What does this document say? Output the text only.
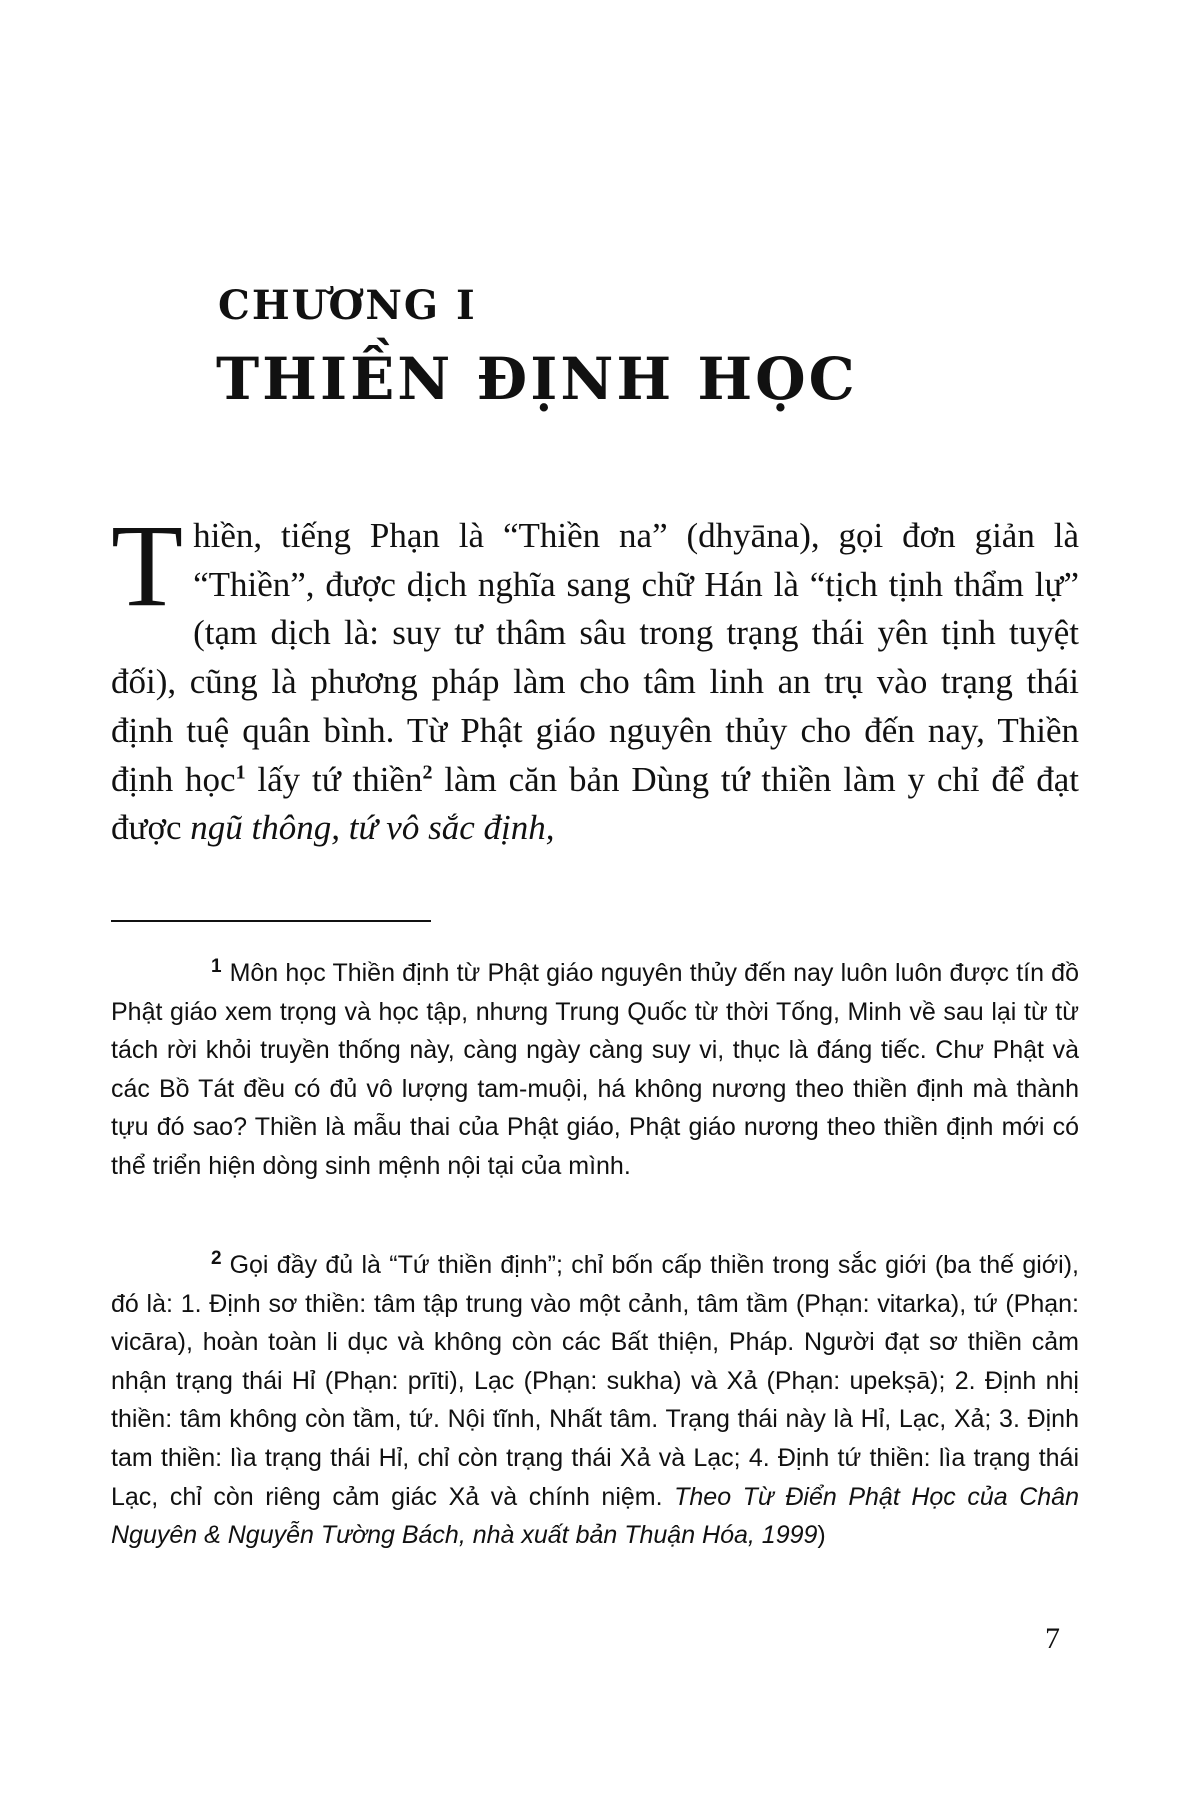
CHƯƠNG I
THIỀN ĐỊNH HỌC

Thiền, tiếng Phạn là “Thiền na” (dhyāna), gọi đơn giản là “Thiền”, được dịch nghĩa sang chữ Hán là “tịch tịnh thẩm lự” (tạm dịch là: suy tư thâm sâu trong trạng thái yên tịnh tuyệt đối), cũng là phương pháp làm cho tâm linh an trụ vào trạng thái định tuệ quân bình. Từ Phật giáo nguyên thủy cho đến nay, Thiền định học$^1$ lấy tứ thiền$^2$ làm căn bản Dùng tứ thiền làm y chỉ để đạt được ngũ thông, tứ vô sắc định,

$^1$ Môn học Thiền định từ Phật giáo nguyên thủy đến nay luôn luôn được tín đồ Phật giáo xem trọng và học tập, nhưng Trung Quốc từ thời Tống, Minh về sau lại từ từ tách rời khỏi truyền thống này, càng ngày càng suy vi, thục là đáng tiếc. Chư Phật và các Bồ Tát đều có đủ vô lượng tam-muội, há không nương theo thiền định mà thành tựu đó sao? Thiền là mẫu thai của Phật giáo, Phật giáo nương theo thiền định mới có thể triển hiện dòng sinh mệnh nội tại của mình.

$^2$ Gọi đầy đủ là “Tứ thiền định”; chỉ bốn cấp thiền trong sắc giới (ba thế giới), đó là: 1. Định sơ thiền: tâm tập trung vào một cảnh, tâm tầm (Phạn: vitarka), tứ (Phạn: vicāra), hoàn toàn li dục và không còn các Bất thiện, Pháp. Người đạt sơ thiền cảm nhận trạng thái Hỉ (Phạn: prīti), Lạc (Phạn: sukha) và Xả (Phạn: upekṣā); 2. Định nhị thiền: tâm không còn tầm, tứ. Nội tĩnh, Nhất tâm. Trạng thái này là Hỉ, Lạc, Xả; 3. Định tam thiền: lìa trạng thái Hỉ, chỉ còn trạng thái Xả và Lạc; 4. Định tứ thiền: lìa trạng thái Lạc, chỉ còn riêng cảm giác Xả và chính niệm. Theo Từ Điển Phật Học của Chân Nguyên & Nguyễn Tường Bách, nhà xuất bản Thuận Hóa, 1999)

7
